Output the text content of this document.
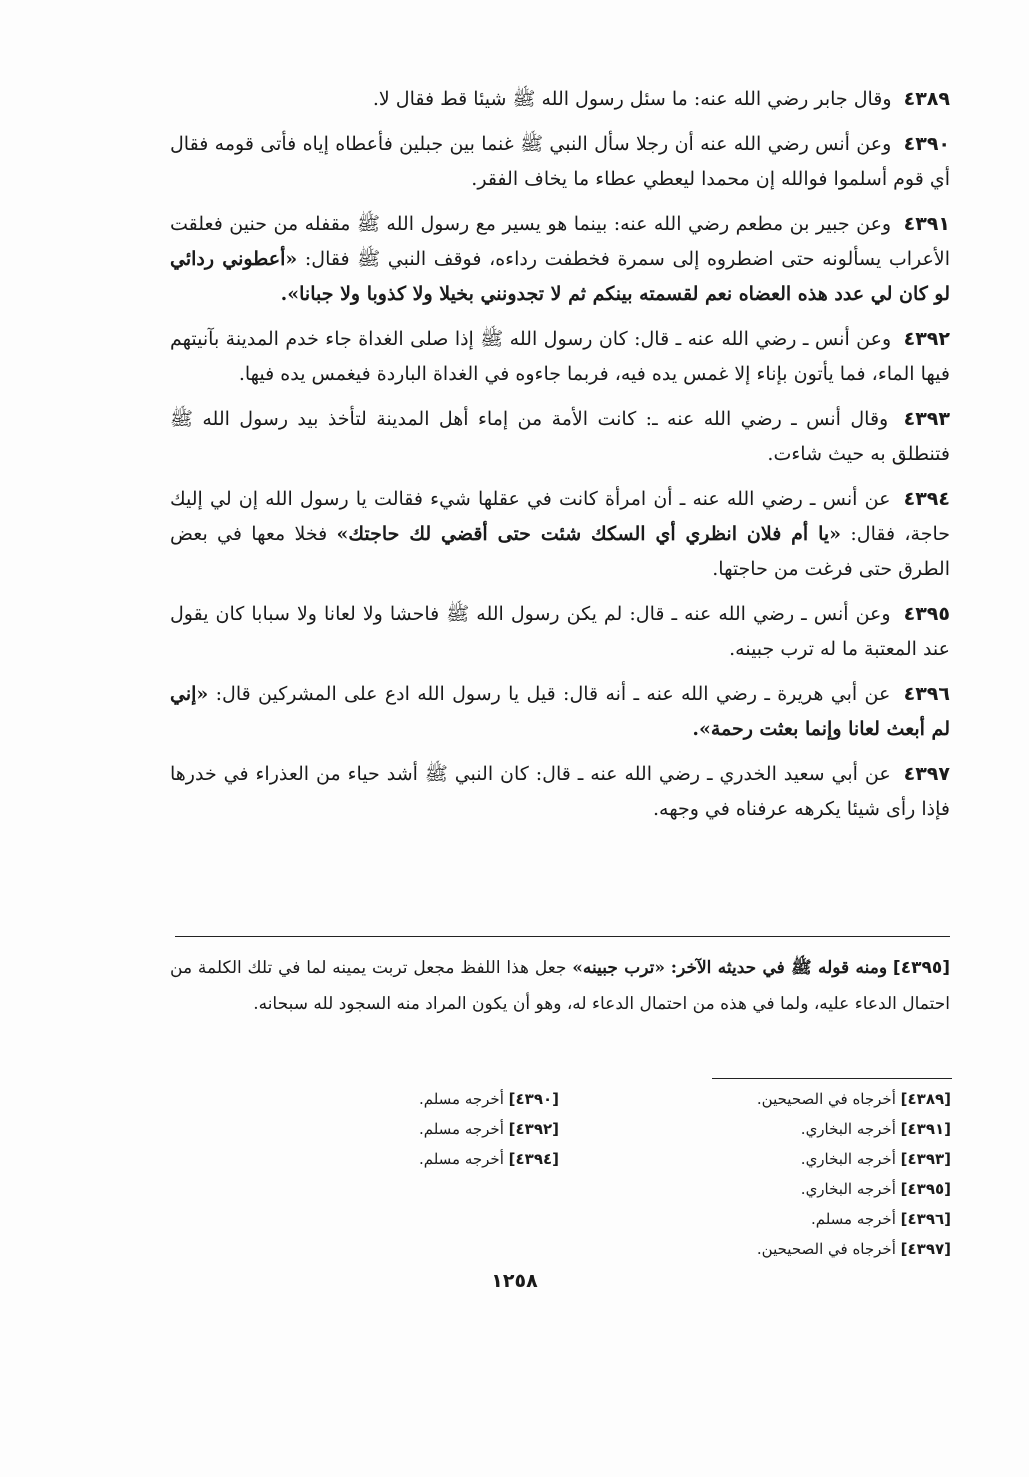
٤٣٨٩ وقال جابر رضي الله عنه: ما سئل رسول الله ﷺ شيئا قط فقال لا.

٤٣٩٠ وعن أنس رضي الله عنه أن رجلا سأل النبي ﷺ غنما بين جبلين فأعطاه إياه فأتى قومه فقال أي قوم أسلموا فوالله إن محمدا ليعطي عطاء ما يخاف الفقر.

٤٣٩١ وعن جبير بن مطعم رضي الله عنه: بينما هو يسير مع رسول الله ﷺ مقفله من حنين فعلقت الأعراب يسألونه حتى اضطروه إلى سمرة فخطفت رداءه، فوقف النبي ﷺ فقال: «أعطوني ردائي لو كان لي عدد هذه العضاه نعم لقسمته بينكم ثم لا تجدونني بخيلا ولا كذوبا ولا جبانا».

٤٣٩٢ وعن أنس ـ رضي الله عنه ـ قال: كان رسول الله ﷺ إذا صلى الغداة جاء خدم المدينة بآنيتهم فيها الماء، فما يأتون بإناء إلا غمس يده فيه، فربما جاءوه في الغداة الباردة فيغمس يده فيها.

٤٣٩٣ وقال أنس ـ رضي الله عنه ـ: كانت الأمة من إماء أهل المدينة لتأخذ بيد رسول الله ﷺ فتنطلق به حيث شاءت.

٤٣٩٤ عن أنس ـ رضي الله عنه ـ أن امرأة كانت في عقلها شيء فقالت يا رسول الله إن لي إليك حاجة، فقال: «يا أم فلان انظري أي السكك شئت حتى أقضي لك حاجتك» فخلا معها في بعض الطرق حتى فرغت من حاجتها.

٤٣٩٥ وعن أنس ـ رضي الله عنه ـ قال: لم يكن رسول الله ﷺ فاحشا ولا لعانا ولا سبابا كان يقول عند المعتبة ما له ترب جبينه.

٤٣٩٦ عن أبي هريرة ـ رضي الله عنه ـ أنه قال: قيل يا رسول الله ادع على المشركين قال: «إني لم أبعث لعانا وإنما بعثت رحمة».

٤٣٩٧ عن أبي سعيد الخدري ـ رضي الله عنه ـ قال: كان النبي ﷺ أشد حياء من العذراء في خدرها فإذا رأى شيئا يكرهه عرفناه في وجهه.

[٤٣٩٥] ومنه قوله ﷺ في حديثه الآخر: «ترب جبينه» جعل هذا اللفظ مجعل تربت يمينه لما في تلك الكلمة من احتمال الدعاء عليه، ولما في هذه من احتمال الدعاء له، وهو أن يكون المراد منه السجود لله سبحانه.
[٤٣٨٩] أخرجاه في الصحيحين.
[٤٣٩١] أخرجه البخاري.
[٤٣٩٣] أخرجه البخاري.
[٤٣٩٥] أخرجه البخاري.
[٤٣٩٦] أخرجه مسلم.
[٤٣٩٧] أخرجاه في الصحيحين.
[٤٣٩٠] أخرجه مسلم.
[٤٣٩٢] أخرجه مسلم.
[٤٣٩٤] أخرجه مسلم.
١٢٥٨
